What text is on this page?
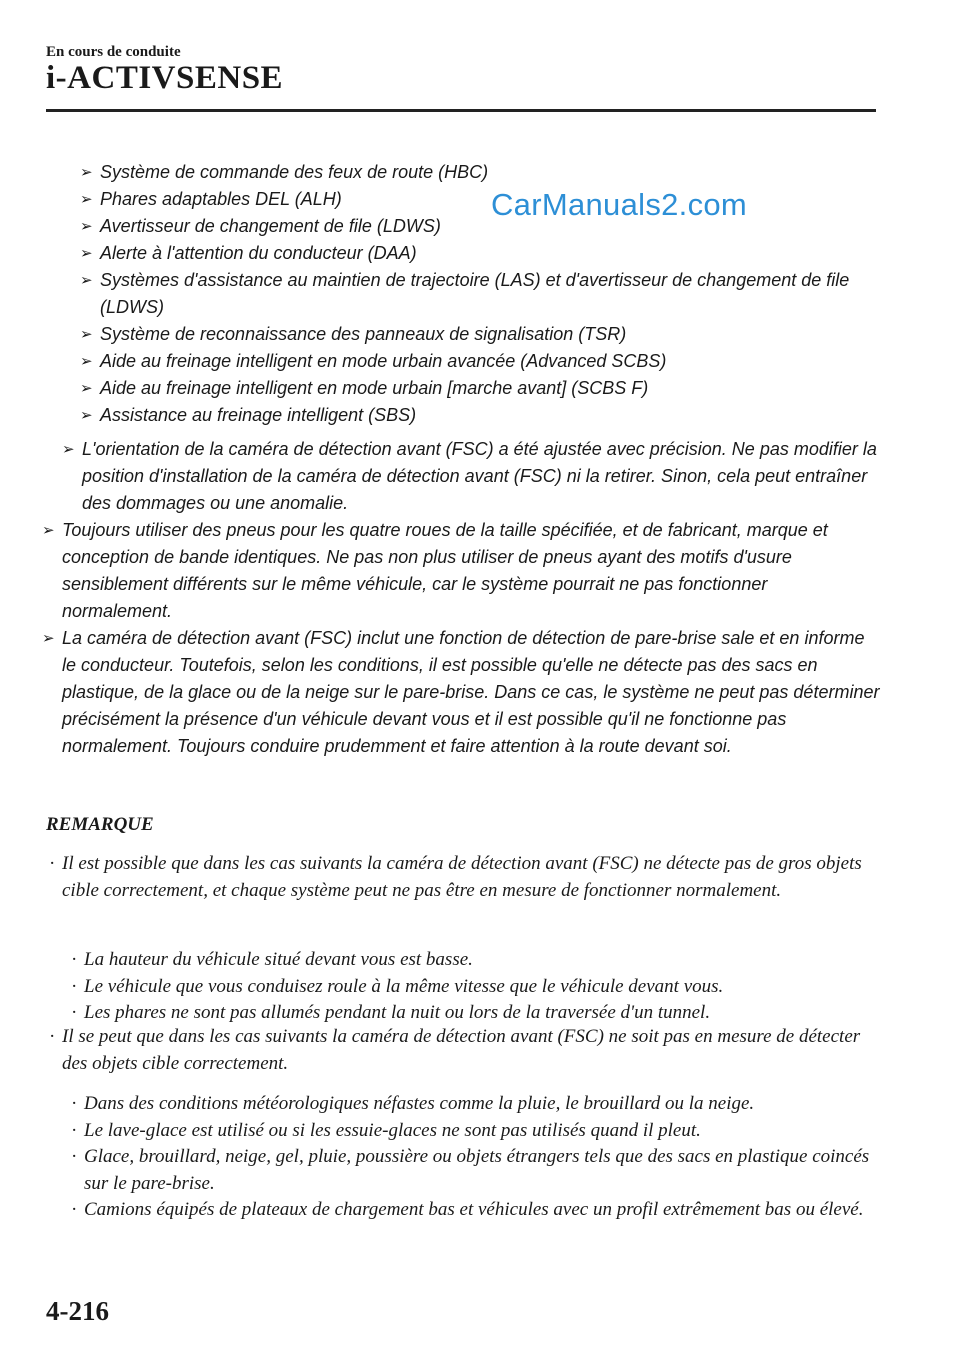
En cours de conduite
i-ACTIVSENSE
➢ Système de commande des feux de route (HBC)
➢ Phares adaptables DEL (ALH)
➢ Avertisseur de changement de file (LDWS)
➢ Alerte à l'attention du conducteur (DAA)
➢ Systèmes d'assistance au maintien de trajectoire (LAS) et d'avertisseur de changement de file (LDWS)
➢ Système de reconnaissance des panneaux de signalisation (TSR)
➢ Aide au freinage intelligent en mode urbain avancée (Advanced SCBS)
➢ Aide au freinage intelligent en mode urbain [marche avant] (SCBS F)
➢ Assistance au freinage intelligent (SBS)
➢ L'orientation de la caméra de détection avant (FSC) a été ajustée avec précision. Ne pas modifier la position d'installation de la caméra de détection avant (FSC) ni la retirer. Sinon, cela peut entraîner des dommages ou une anomalie.
➢ Toujours utiliser des pneus pour les quatre roues de la taille spécifiée, et de fabricant, marque et conception de bande identiques. Ne pas non plus utiliser de pneus ayant des motifs d'usure sensiblement différents sur le même véhicule, car le système pourrait ne pas fonctionner normalement.
➢ La caméra de détection avant (FSC) inclut une fonction de détection de pare-brise sale et en informe le conducteur. Toutefois, selon les conditions, il est possible qu'elle ne détecte pas des sacs en plastique, de la glace ou de la neige sur le pare-brise. Dans ce cas, le système ne peut pas déterminer précisément la présence d'un véhicule devant vous et il est possible qu'il ne fonctionne pas normalement. Toujours conduire prudemment et faire attention à la route devant soi.
REMARQUE
· Il est possible que dans les cas suivants la caméra de détection avant (FSC) ne détecte pas de gros objets cible correctement, et chaque système peut ne pas être en mesure de fonctionner normalement.
· La hauteur du véhicule situé devant vous est basse.
· Le véhicule que vous conduisez roule à la même vitesse que le véhicule devant vous.
· Les phares ne sont pas allumés pendant la nuit ou lors de la traversée d'un tunnel.
· Il se peut que dans les cas suivants la caméra de détection avant (FSC) ne soit pas en mesure de détecter des objets cible correctement.
· Dans des conditions météorologiques néfastes comme la pluie, le brouillard ou la neige.
· Le lave-glace est utilisé ou si les essuie-glaces ne sont pas utilisés quand il pleut.
· Glace, brouillard, neige, gel, pluie, poussière ou objets étrangers tels que des sacs en plastique coincés sur le pare-brise.
· Camions équipés de plateaux de chargement bas et véhicules avec un profil extrêmement bas ou élevé.
4-216
CarManuals2.com
